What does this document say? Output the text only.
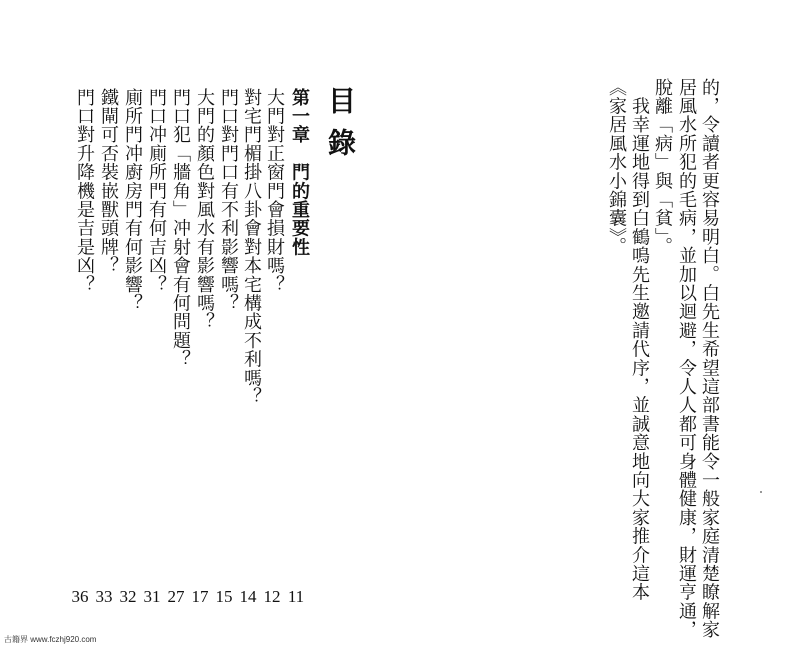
的，令讀者更容易明白。白先生希望這部書能令一般家庭清楚瞭解家
居風水所犯的毛病，並加以迴避，令人人都可身體健康，財運亨通，
脫離「病」與「貧」。
　我幸運地得到白鶴鳴先生邀請代序，並誠意地向大家推介這本
《家居風水小錦囊》。
目錄
第一章　門的重要性
大門對正窗門會損財嗎？
對宅門楣掛八卦會對本宅構成不利嗎？
門口對門口有不利影響嗎？
大門的顏色對風水有影響嗎？
門口犯「牆角」冲射會有何問題？
門口冲廁所門有何吉凶？
廁所門冲廚房門有何影響？
鐵閘可否裝嵌獸頭牌？
門口對升降機是吉是凶？
11
12
14
15
17
27
31
32
33
36
古籍界 www.fczhj920.com
